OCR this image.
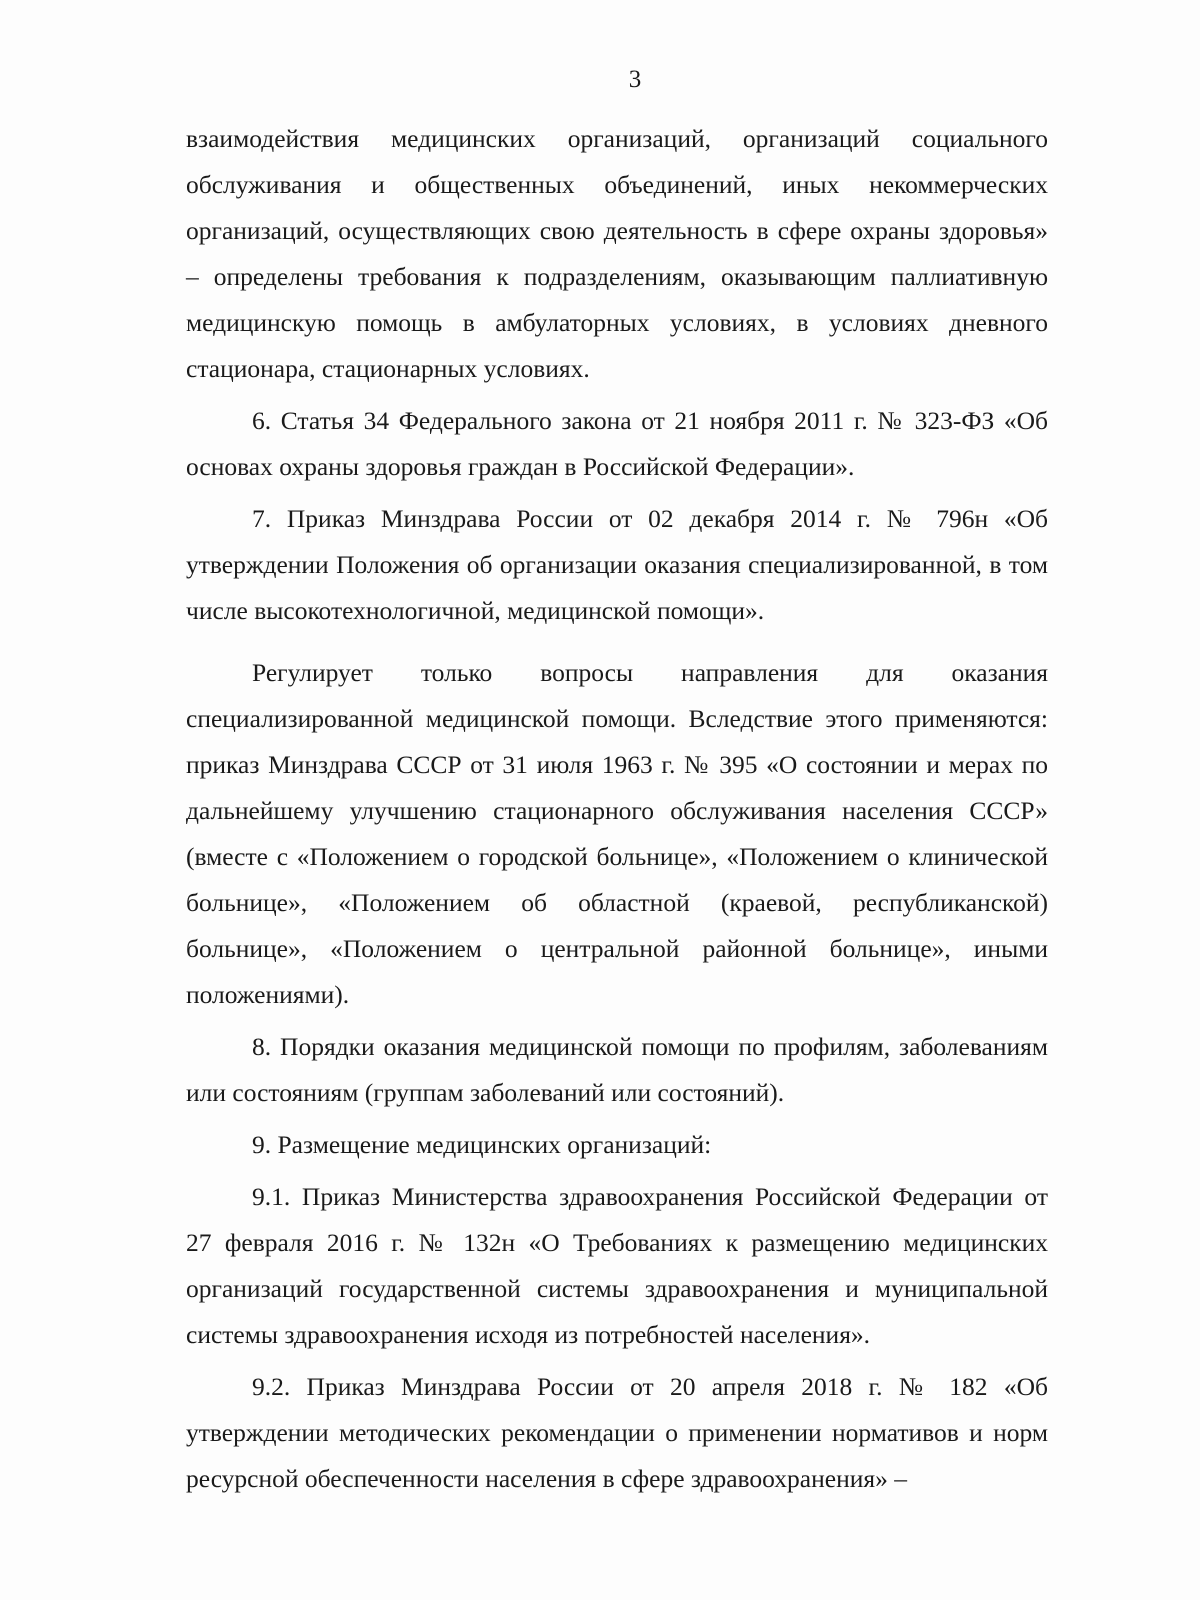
3

взаимодействия медицинских организаций, организаций социального обслуживания и общественных объединений, иных некоммерческих организаций, осуществляющих свою деятельность в сфере охраны здоровья» – определены требования к подразделениям, оказывающим паллиативную медицинскую помощь в амбулаторных условиях, в условиях дневного стационара, стационарных условиях.

6. Статья 34 Федерального закона от 21 ноября 2011 г. № 323-ФЗ «Об основах охраны здоровья граждан в Российской Федерации».

7. Приказ Минздрава России от 02 декабря 2014 г. № 796н «Об утверждении Положения об организации оказания специализированной, в том числе высокотехнологичной, медицинской помощи».

Регулирует только вопросы направления для оказания специализированной медицинской помощи. Вследствие этого применяются: приказ Минздрава СССР от 31 июля 1963 г. № 395 «О состоянии и мерах по дальнейшему улучшению стационарного обслуживания населения СССР» (вместе с «Положением о городской больнице», «Положением о клинической больнице», «Положением об областной (краевой, республиканской) больнице», «Положением о центральной районной больнице», иными положениями).

8. Порядки оказания медицинской помощи по профилям, заболеваниям или состояниям (группам заболеваний или состояний).

9. Размещение медицинских организаций:

9.1. Приказ Министерства здравоохранения Российской Федерации от 27 февраля 2016 г. № 132н «О Требованиях к размещению медицинских организаций государственной системы здравоохранения и муниципальной системы здравоохранения исходя из потребностей населения».

9.2. Приказ Минздрава России от 20 апреля 2018 г. № 182 «Об утверждении методических рекомендации о применении нормативов и норм ресурсной обеспеченности населения в сфере здравоохранения» –
